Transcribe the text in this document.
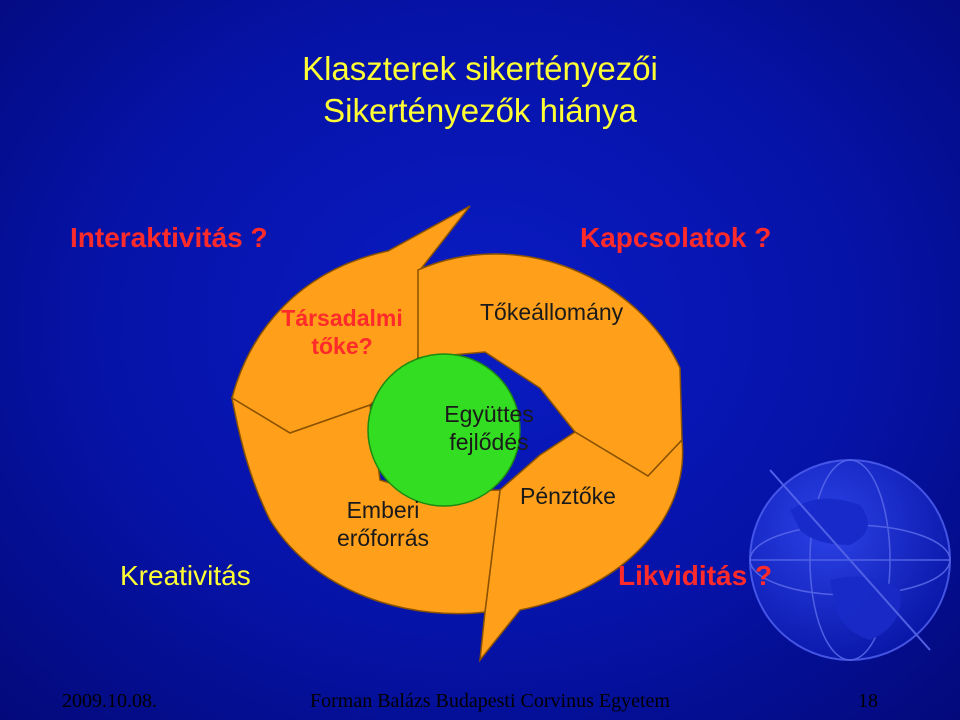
Klaszterek sikertényezői
Sikertényezők hiánya
Interaktivitás ?	Kapcsolatok ?
Kreativitás	Likviditás ?
Társadalmi
tőke?
Tőkeállomány
Emberi
erőforrás
Pénztőke
Együttes
fejlődés
2009.10.08.	Forman Balázs Budapesti Corvinus Egyetem	18
